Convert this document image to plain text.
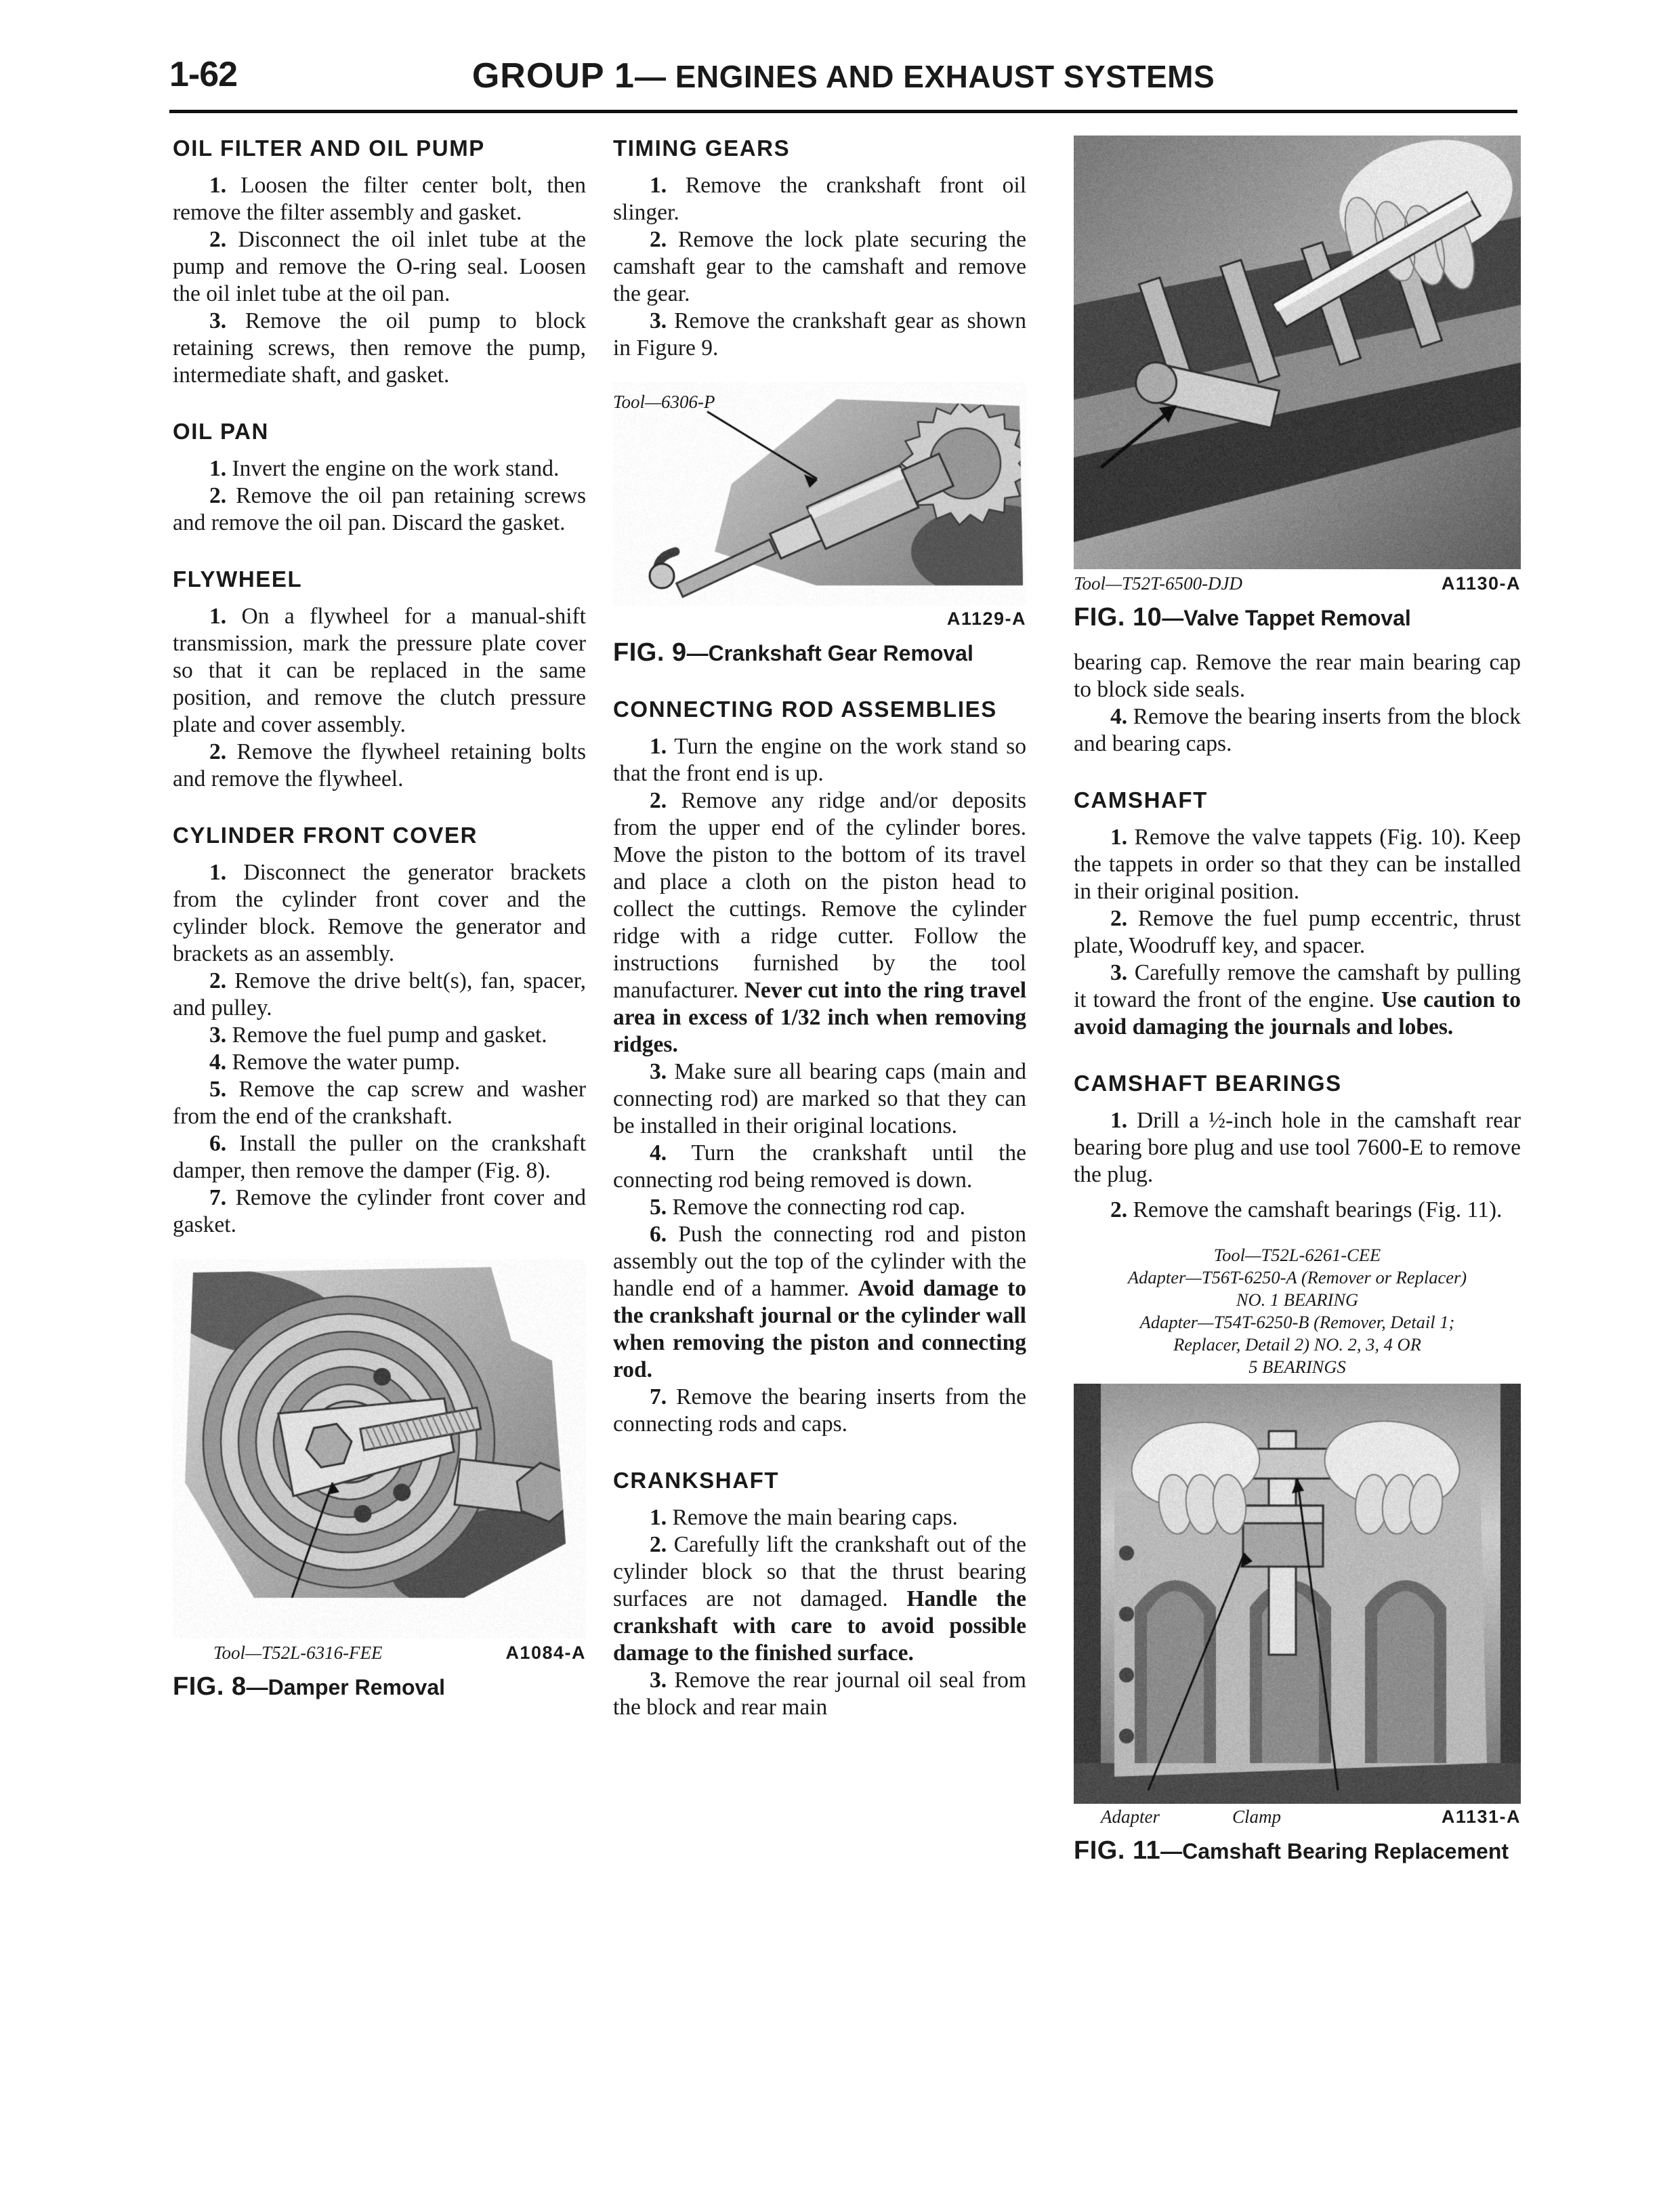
1-62	GROUP 1— ENGINES AND EXHAUST SYSTEMS
OIL FILTER AND OIL PUMP

1. Loosen the filter center bolt, then remove the filter assembly and gasket.

2. Disconnect the oil inlet tube at the pump and remove the O-ring seal. Loosen the oil inlet tube at the oil pan.

3. Remove the oil pump to block retaining screws, then remove the pump, intermediate shaft, and gasket.

OIL PAN

1. Invert the engine on the work stand.

2. Remove the oil pan retaining screws and remove the oil pan. Discard the gasket.

FLYWHEEL

1. On a flywheel for a manual-shift transmission, mark the pressure plate cover so that it can be replaced in the same position, and remove the clutch pressure plate and cover assembly.

2. Remove the flywheel retaining bolts and remove the flywheel.

CYLINDER FRONT COVER

1. Disconnect the generator brackets from the cylinder front cover and the cylinder block. Remove the generator and brackets as an assembly.

2. Remove the drive belt(s), fan, spacer, and pulley.

3. Remove the fuel pump and gasket.

4. Remove the water pump.

5. Remove the cap screw and washer from the end of the crankshaft.

6. Install the puller on the crankshaft damper, then remove the damper (Fig. 8).

7. Remove the cylinder front cover and gasket.

Tool—T52L-6316-FEE	A1084-A
FIG. 8—Damper Removal
TIMING GEARS

1. Remove the crankshaft front oil slinger.

2. Remove the lock plate securing the camshaft gear to the camshaft and remove the gear.

3. Remove the crankshaft gear as shown in Figure 9.

Tool—6306-P
A1129-A
FIG. 9—Crankshaft Gear Removal
CONNECTING ROD ASSEMBLIES

1. Turn the engine on the work stand so that the front end is up.

2. Remove any ridge and/or deposits from the upper end of the cylinder bores. Move the piston to the bottom of its travel and place a cloth on the piston head to collect the cuttings. Remove the cylinder ridge with a ridge cutter. Follow the instructions furnished by the tool manufacturer. Never cut into the ring travel area in excess of 1/32 inch when removing ridges.

3. Make sure all bearing caps (main and connecting rod) are marked so that they can be installed in their original locations.

4. Turn the crankshaft until the connecting rod being removed is down.

5. Remove the connecting rod cap.

6. Push the connecting rod and piston assembly out the top of the cylinder with the handle end of a hammer. Avoid damage to the crankshaft journal or the cylinder wall when removing the piston and connecting rod.

7. Remove the bearing inserts from the connecting rods and caps.

CRANKSHAFT

1. Remove the main bearing caps.

2. Carefully lift the crankshaft out of the cylinder block so that the thrust bearing surfaces are not damaged. Handle the crankshaft with care to avoid possible damage to the finished surface.

3. Remove the rear journal oil seal from the block and rear main

Tool—T52T-6500-DJD	A1130-A
FIG. 10—Valve Tappet Removal

bearing cap. Remove the rear main bearing cap to block side seals.

4. Remove the bearing inserts from the block and bearing caps.

CAMSHAFT

1. Remove the valve tappets (Fig. 10). Keep the tappets in order so that they can be installed in their original position.

2. Remove the fuel pump eccentric, thrust plate, Woodruff key, and spacer.

3. Carefully remove the camshaft by pulling it toward the front of the engine. Use caution to avoid damaging the journals and lobes.

CAMSHAFT BEARINGS

1. Drill a ½-inch hole in the camshaft rear bearing bore plug and use tool 7600-E to remove the plug.

2. Remove the camshaft bearings (Fig. 11).

Tool—T52L-6261-CEE
Adapter—T56T-6250-A (Remover or Replacer)
NO. 1 BEARING
Adapter—T54T-6250-B (Remover, Detail 1;
Replacer, Detail 2) NO. 2, 3, 4 OR
5 BEARINGS
Adapter	Clamp	A1131-A
FIG. 11—Camshaft Bearing Replacement
